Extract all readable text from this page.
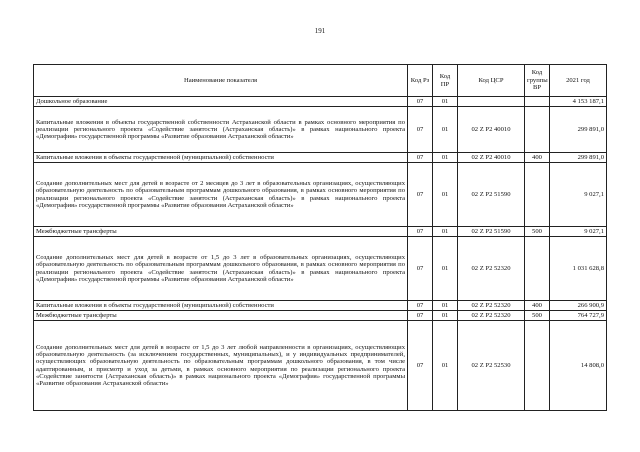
191
Наименование показателя	Код Рз	Код ПР	Код ЦСР	Код группы ВР	2021 год
Дошкольное образование	07	01			4 153 187,1
Капитальные вложения в объекты государственной собственности Астраханской области в рамках основного мероприятия по реализации регионального проекта «Содействие занятости (Астраханская область)» в рамках национального проекта «Демография» государственной программы «Развитие образования Астраханской области»	07	01	02 Z P2 40010		299 891,0
Капитальные вложения в объекты государственной (муниципальной) собственности	07	01	02 Z P2 40010	400	299 891,0
Создание дополнительных мест для детей в возрасте от 2 месяцев до 3 лет в образовательных организациях, осуществляющих образовательную деятельность по образовательным программам дошкольного образования, в рамках основного мероприятия по реализации регионального проекта «Содействие занятости (Астраханская область)» в рамках национального проекта «Демография» государственной программы «Развитие образования Астраханской области»	07	01	02 Z P2 51590		9 027,1
Межбюджетные трансферты	07	01	02 Z P2 51590	500	9 027,1
Создание дополнительных мест для детей в возрасте от 1,5 до 3 лет в образовательных организациях, осуществляющих образовательную деятельность по образовательным программам дошкольного образования, в рамках основного мероприятия по реализации регионального проекта «Содействие занятости (Астраханская область)» в рамках национального проекта «Демография» государственной программы «Развитие образования Астраханской области»	07	01	02 Z P2 52320		1 031 628,8
Капитальные вложения в объекты государственной (муниципальной) собственности	07	01	02 Z P2 52320	400	266 900,9
Межбюджетные трансферты	07	01	02 Z P2 52320	500	764 727,9
Создание дополнительных мест для детей в возрасте от 1,5 до 3 лет любой направленности в организациях, осуществляющих образовательную деятельность (за исключением государственных, муниципальных), и у индивидуальных предпринимателей, осуществляющих образовательную деятельность по образовательным программам дошкольного образования, в том числе адаптированным, и присмотр и уход за детьми, в рамках основного мероприятия по реализации регионального проекта «Содействие занятости (Астраханская область)» в рамках национального проекта «Демография» государственной программы «Развитие образования Астраханской области»	07	01	02 Z P2 52530		14 808,0
